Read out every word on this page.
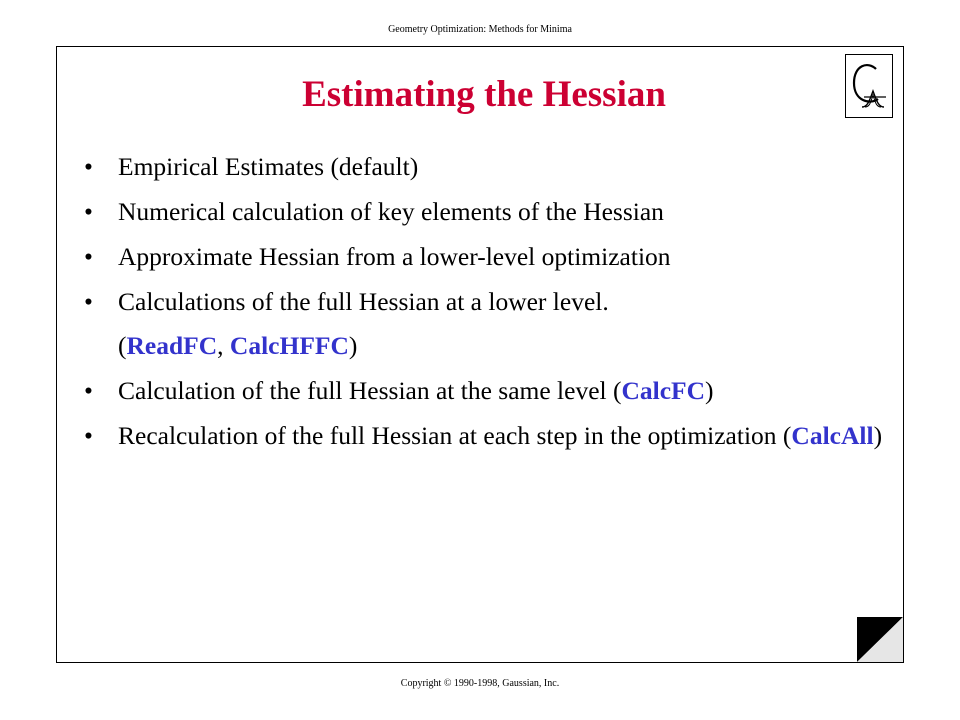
Geometry Optimization: Methods for Minima
Estimating the Hessian
• Empirical Estimates (default)
• Numerical calculation of key elements of the Hessian
• Approximate Hessian from a lower-level optimization
• Calculations of the full Hessian at a lower level.
(ReadFC, CalcHFFC)
• Calculation of the full Hessian at the same level (CalcFC)
• Recalculation of the full Hessian at each step in the optimization (CalcAll)
Copyright © 1990-1998, Gaussian, Inc.
